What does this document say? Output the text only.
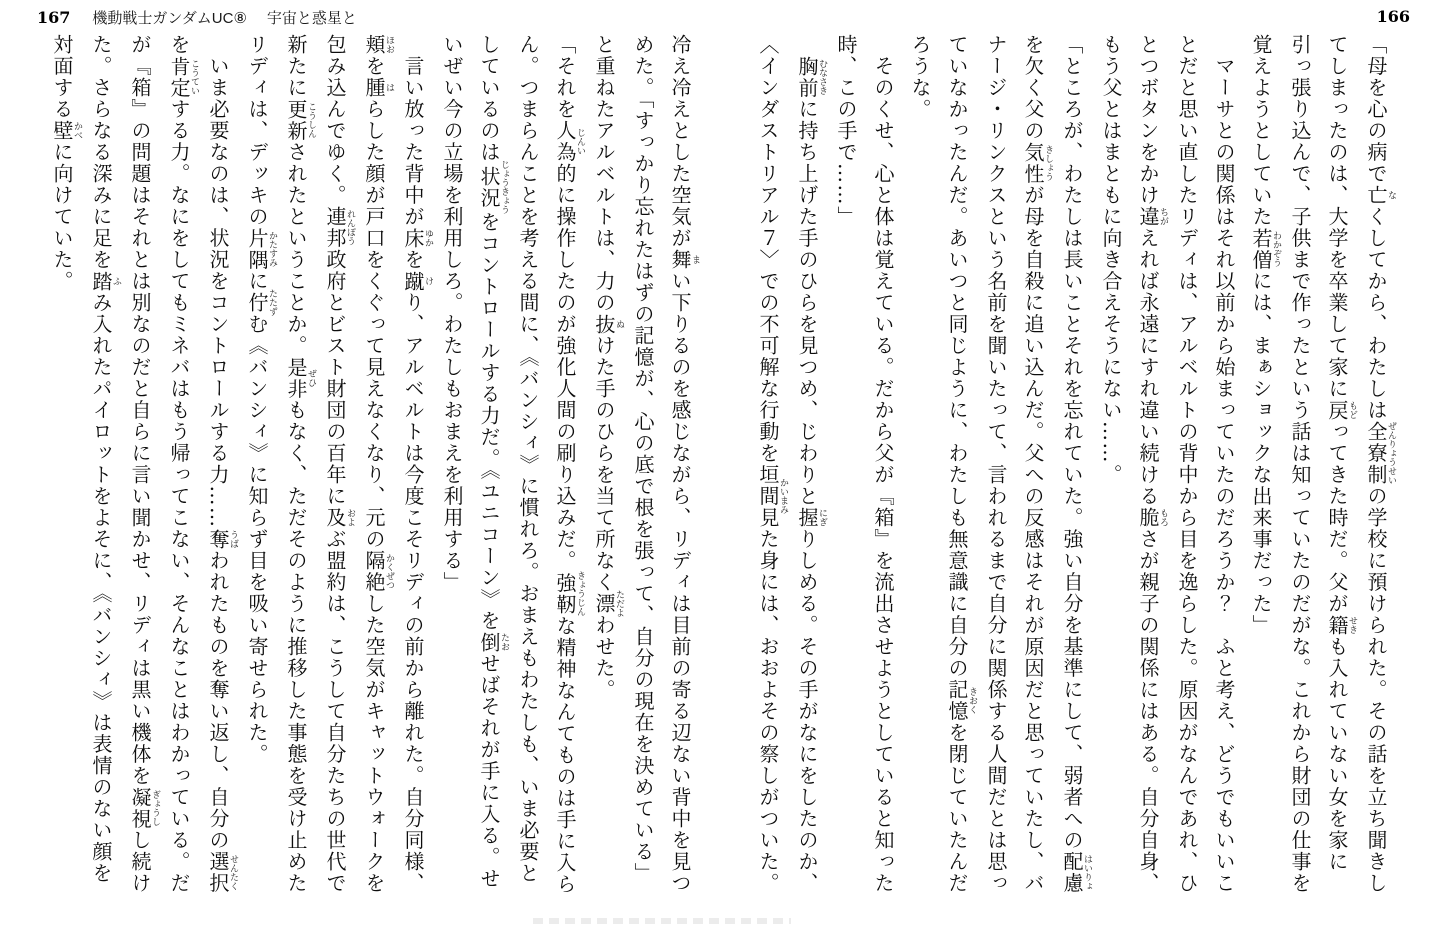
167 機動戦士ガンダムUC⑧ 宇宙と惑星と	166
「母を心の病で亡なくしてから、わたしは全寮制ぜんりょうせいの学校に預けられた。その話を立ち聞きし
てしまったのは、大学を卒業して家に戻もどってきた時だ。父が籍せきも入れていない女を家に
引っ張り込んで、子供まで作ったという話は知っていたのだがな。これから財団の仕事を
覚えようとしていた若僧わかぞうには、まぁショックな出来事だった」
　マーサとの関係はそれ以前から始まっていたのだろうか？　ふと考え、どうでもいいこ
とだと思い直したリディは、アルベルトの背中から目を逸らした。原因がなんであれ、ひ
とつボタンをかけ違ちがえれば永遠にすれ違い続ける脆もろさが親子の関係にはある。自分自身、
もう父とはまともに向き合えそうにない……。
「ところが、わたしは長いことそれを忘れていた。強い自分を基準にして、弱者への配慮はいりょ
を欠く父の気性きしょうが母を自殺に追い込んだ。父への反感はそれが原因だと思っていたし、バ
ナージ・リンクスという名前を聞いたって、言われるまで自分に関係する人間だとは思っ
ていなかったんだ。あいつと同じように、わたしも無意識に自分の記憶きおくを閉じていたんだ
ろうな。
　そのくせ、心と体は覚えている。だから父が『箱』を流出させようとしていると知った
時、この手で……」
　胸前むなさきに持ち上げた手のひらを見つめ、じわりと握にぎりしめる。その手がなにをしたのか、
〈インダストリアル７〉での不可解な行動を垣間見かいまみた身には、おおよその察しがついた。
冷え冷えとした空気が舞まい下りるのを感じながら、リディは目前の寄る辺ない背中を見つ
めた。「すっかり忘れたはずの記憶が、心の底で根を張って、自分の現在を決めている」
と重ねたアルベルトは、力の抜ぬけた手のひらを当て所なく漂ただよわせた。
「それを人為じんい的に操作したのが強化人間の刷り込みだ。強靭きょうじんな精神なんてものは手に入ら
ん。つまらんことを考える間に、《バンシィ》に慣れろ。おまえもわたしも、いま必要と
しているのは状況じょうきょうをコントロールする力だ。《ユニコーン》を倒たおせばそれが手に入る。せ
いぜい今の立場を利用しろ。わたしもおまえを利用する」
　言い放った背中が床ゆかを蹴けり、アルベルトは今度こそリディの前から離れた。自分同様、
頬ほおを腫はらした顔が戸口をくぐって見えなくなり、元の隔絶かくぜつした空気がキャットウォークを
包み込んでゆく。連邦れんぽう政府とビスト財団の百年に及およぶ盟約は、こうして自分たちの世代で
新たに更新こうしんされたということか。是非ぜひもなく、ただそのように推移した事態を受け止めた
リディは、デッキの片隅かたすみに佇たたずむ《バンシィ》に知らず目を吸い寄せられた。
　いま必要なのは、状況をコントロールする力……奪うばわれたものを奪い返し、自分の選択せんたく
を肯定こうていする力。なにをしてもミネバはもう帰ってこない、そんなことはわかっている。だ
が『箱』の問題はそれとは別なのだと自らに言い聞かせ、リディは黒い機体を凝視ぎょうしし続け
た。さらなる深みに足を踏ふみ入れたパイロットをよそに、《バンシィ》は表情のない顔を
対面する壁かべに向けていた。
